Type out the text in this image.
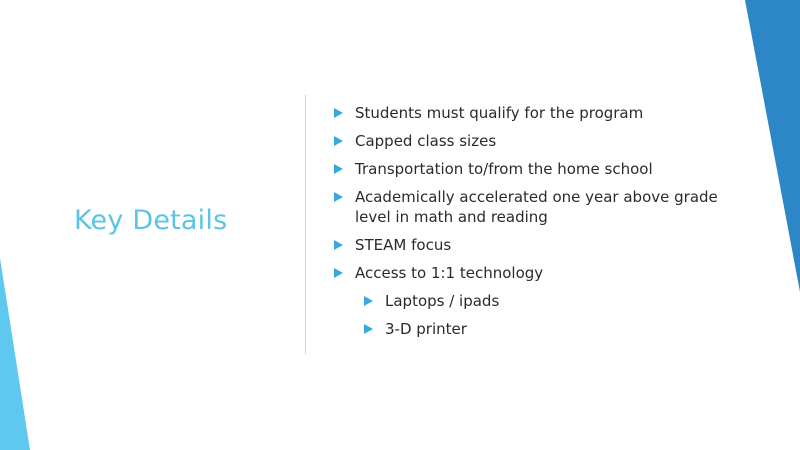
Key Details
Students must qualify for the program
Capped class sizes
Transportation to/from the home school
Academically accelerated one year above grade level in math and reading
STEAM focus
Access to 1:1 technology
Laptops / ipads
3-D printer
